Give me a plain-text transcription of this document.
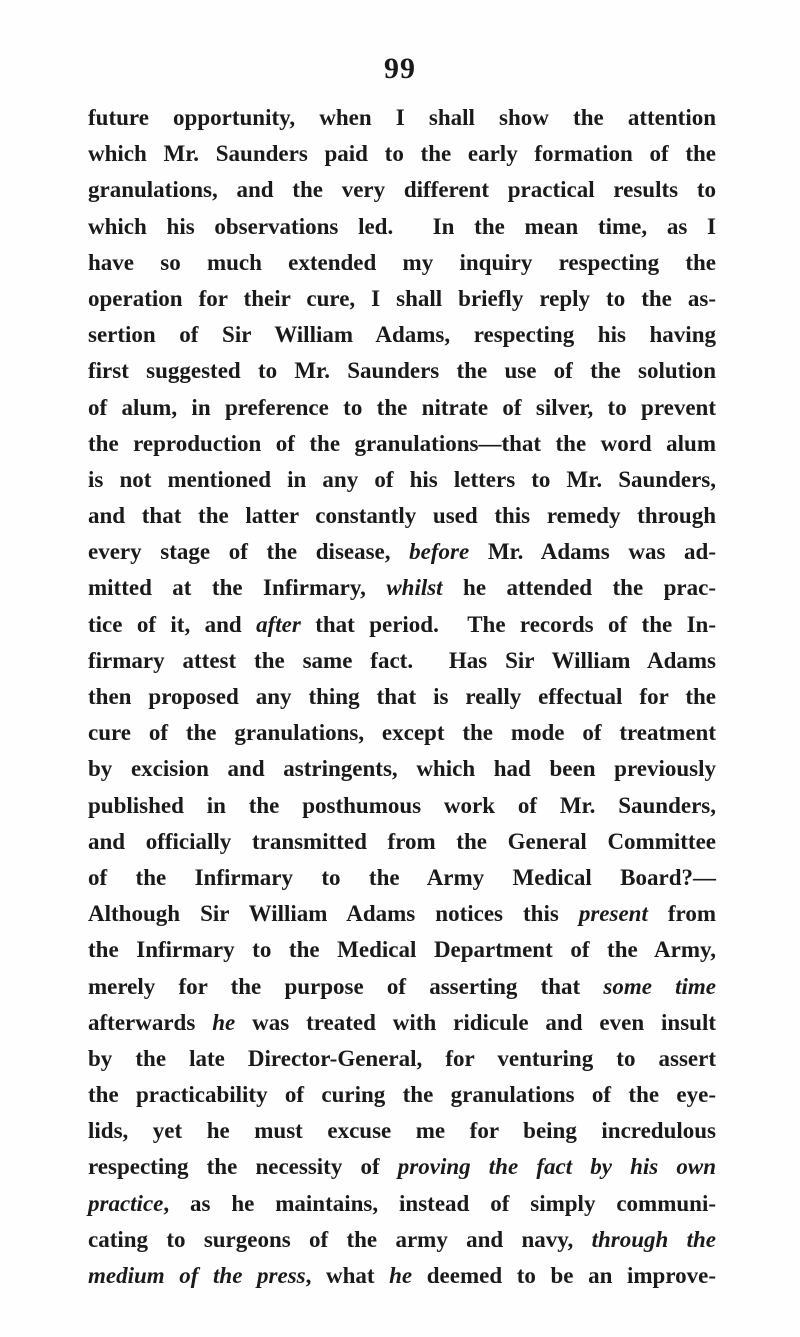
99
future opportunity, when I shall show the attention
which Mr. Saunders paid to the early formation of the
granulations, and the very different practical results to
which his observations led.  In the mean time, as I
have so much extended my inquiry respecting the
operation for their cure, I shall briefly reply to the as-
sertion of Sir William Adams, respecting his having
first suggested to Mr. Saunders the use of the solution
of alum, in preference to the nitrate of silver, to prevent
the reproduction of the granulations—that the word alum
is not mentioned in any of his letters to Mr. Saunders,
and that the latter constantly used this remedy through
every stage of the disease, before Mr. Adams was ad-
mitted at the Infirmary, whilst he attended the prac-
tice of it, and after that period.  The records of the In-
firmary attest the same fact.  Has Sir William Adams
then proposed any thing that is really effectual for the
cure of the granulations, except the mode of treatment
by excision and astringents, which had been previously
published in the posthumous work of Mr. Saunders,
and officially transmitted from the General Committee
of the Infirmary to the Army Medical Board?—
Although Sir William Adams notices this present from
the Infirmary to the Medical Department of the Army,
merely for the purpose of asserting that some time
afterwards he was treated with ridicule and even insult
by the late Director-General, for venturing to assert
the practicability of curing the granulations of the eye-
lids, yet he must excuse me for being incredulous
respecting the necessity of proving the fact by his own
practice, as he maintains, instead of simply communi-
cating to surgeons of the army and navy, through the
medium of the press, what he deemed to be an improve-
